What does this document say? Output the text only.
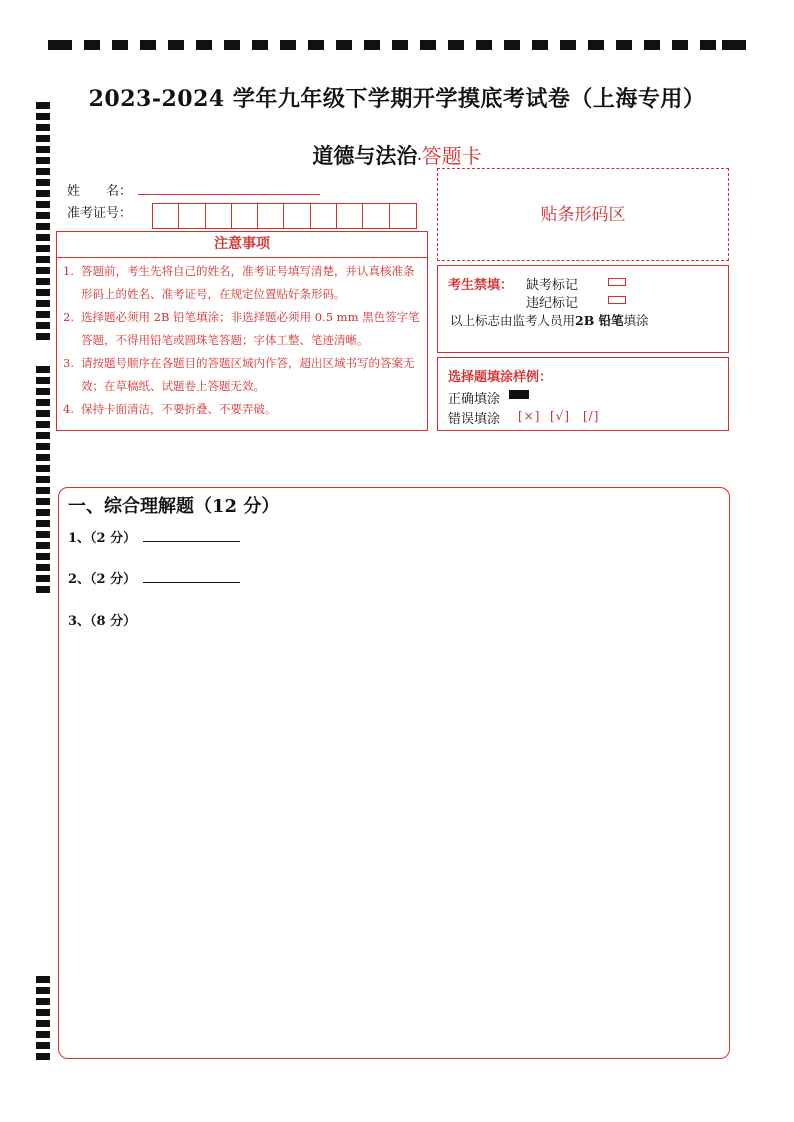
2023-2024 学年九年级下学期开学摸底考试卷（上海专用）
道德与法治·答题卡
姓　　名：
准考证号：	贴条形码区
注意事项
1. 答题前，考生先将自己的姓名，准考证号填写清楚，并认真核准条形码上的姓名、准考证号，在规定位置贴好条形码。
2. 选择题必须用 2B 铅笔填涂；非选择题必须用 0.5 mm 黑色签字笔答题，不得用铅笔或圆珠笔答题；字体工整、笔迹清晰。
3. 请按题号顺序在各题目的答题区域内作答，超出区域书写的答案无效；在草稿纸、试题卷上答题无效。
4. 保持卡面清洁，不要折叠、不要弄破。
考生禁填： 缺考标记
违纪标记
以上标志由监考人员用2B 铅笔填涂
选择题填涂样例：
正确填涂
错误填涂 [×] [√] [/]
一、综合理解题（12 分）
1、（2 分）
2、（2 分）
3、（8 分）
